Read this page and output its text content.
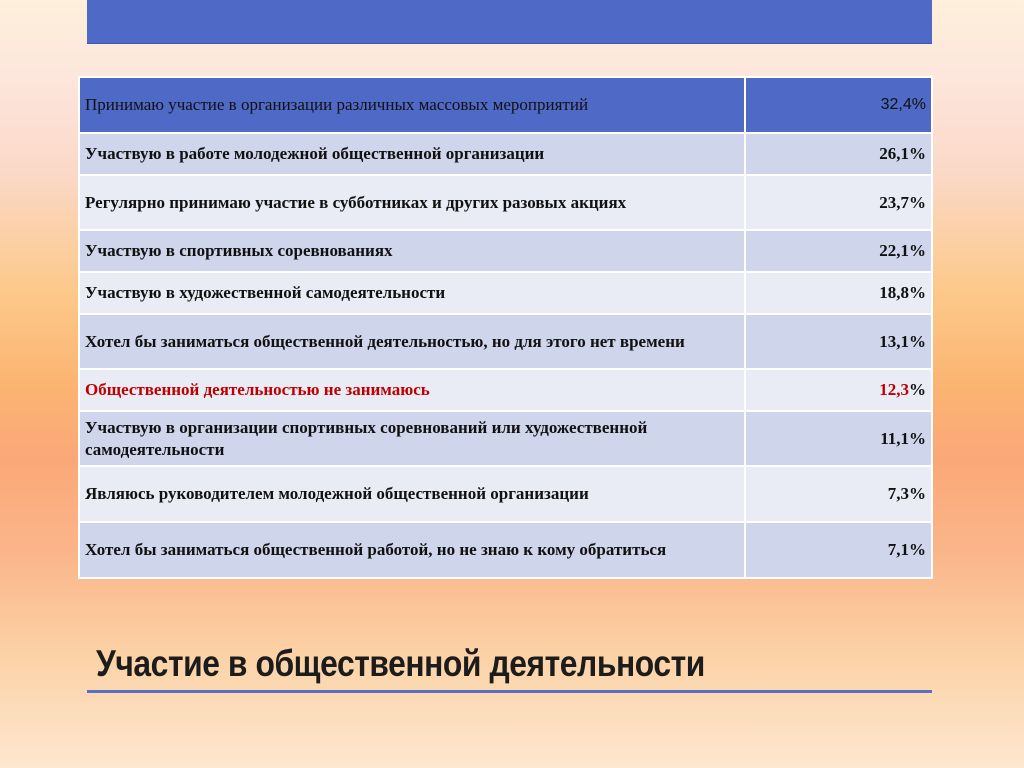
Принимаю участие в организации различных массовых мероприятий	32,4%
Участвую в работе молодежной общественной организации	26,1%
Регулярно принимаю участие в субботниках и других разовых акциях	23,7%
Участвую в спортивных соревнованиях	22,1%
Участвую в художественной самодеятельности	18,8%
Хотел бы заниматься общественной деятельностью, но для этого нет времени	13,1%
Общественной деятельностью не занимаюсь	12,3%
Участвую в организации спортивных соревнований или художественной самодеятельности	11,1%
Являюсь руководителем молодежной общественной организации	7,3%
Хотел бы заниматься общественной работой, но не знаю к кому обратиться	7,1%
Участие в общественной деятельности
